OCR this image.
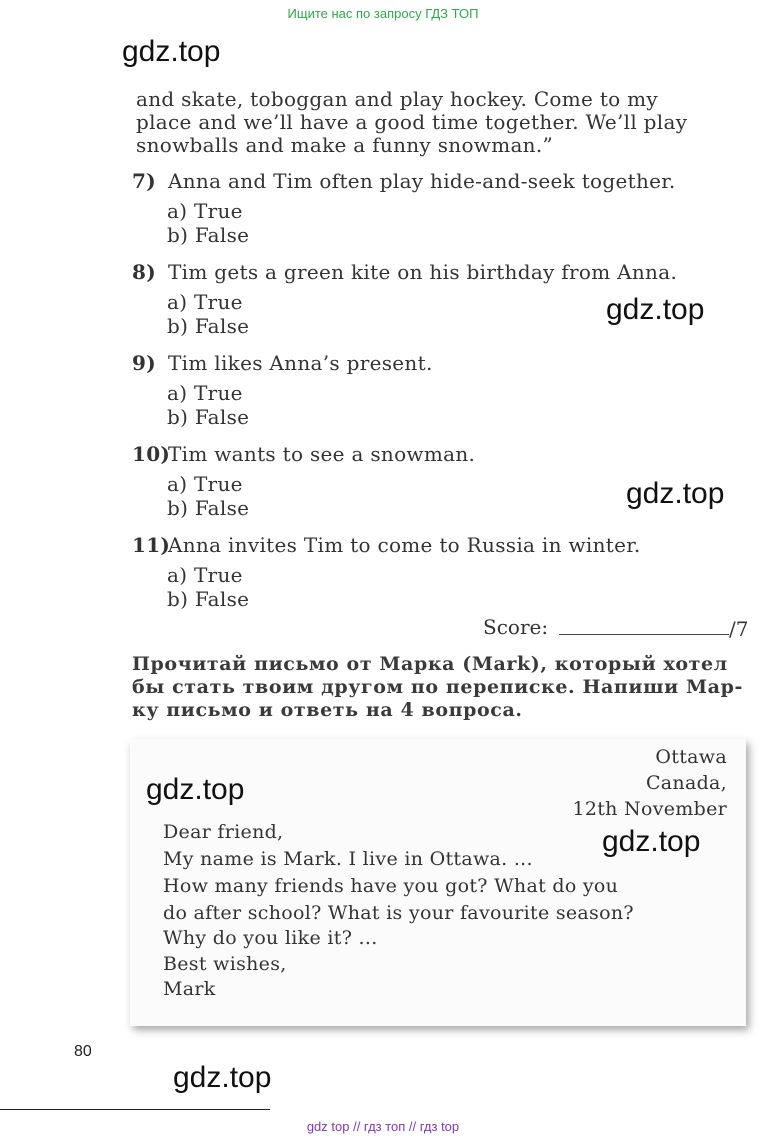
Ищите нас по запросу ГДЗ ТОП
gdz.top
gdz.top
gdz.top
and skate, toboggan and play hockey. Come to my
place and we’ll have a good time together. We’ll play
snowballs and make a funny snowman.”
7) Anna and Tim often play hide-and-seek together.
a) True
b) False
8) Tim gets a green kite on his birthday from Anna.
a) True
b) False
9) Tim likes Anna’s present.
a) True
b) False
10)Tim wants to see a snowman.
a) True
b) False
11)Anna invites Tim to come to Russia in winter.
a) True
b) False
Score:	/7
Прочитай письмо от Марка (Mark), который хотел
бы стать твоим другом по переписке. Напиши Мар-
ку письмо и ответь на 4 вопроса.
Ottawa
Canada,
12th November
gdz.top
gdz.top
Dear friend,
My name is Mark. I live in Ottawa. ...
How many friends have you got? What do you
do after school? What is your favourite season?
Why do you like it? ...
Best wishes,
Mark
80
gdz.top
gdz top // гдз топ // гдз top
